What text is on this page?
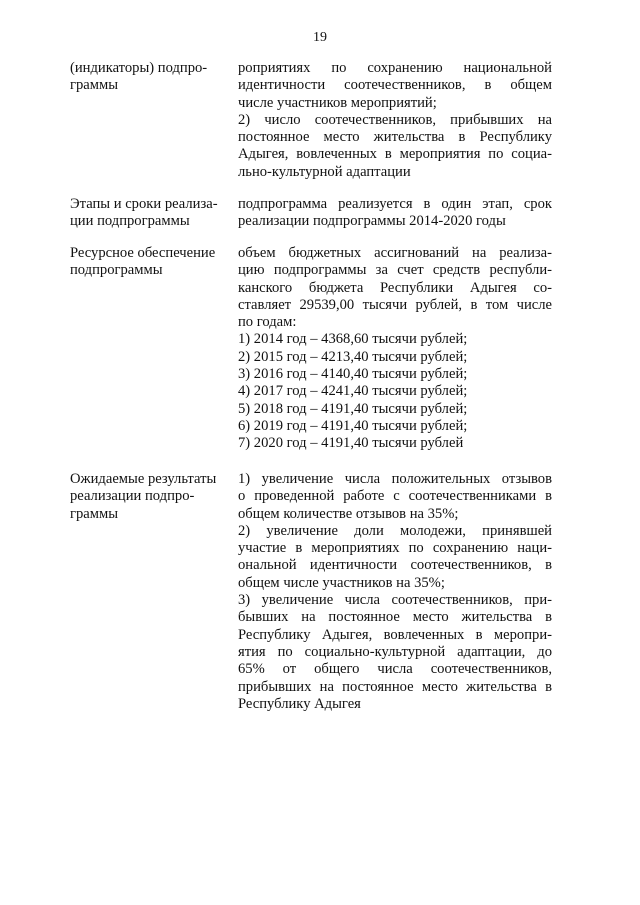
19
(индикаторы) подпро-
граммы
роприятиях по сохранению национальной
идентичности соотечественников, в общем
числе участников мероприятий;
2) число соотечественников, прибывших на
постоянное место жительства в Республику
Адыгея, вовлеченных в мероприятия по социа-
льно-культурной адаптации
Этапы и сроки реализа-
ции подпрограммы
подпрограмма реализуется в один этап, срок
реализации подпрограммы 2014-2020 годы
Ресурсное обеспечение
подпрограммы
объем бюджетных ассигнований на реализа-
цию подпрограммы за счет средств республи-
канского бюджета Республики Адыгея со-
ставляет 29539,00 тысячи рублей, в том числе
по годам:
1) 2014 год – 4368,60 тысячи рублей;
2) 2015 год – 4213,40 тысячи рублей;
3) 2016 год – 4140,40 тысячи рублей;
4) 2017 год – 4241,40 тысячи рублей;
5) 2018 год – 4191,40 тысячи рублей;
6) 2019 год – 4191,40 тысячи рублей;
7) 2020 год – 4191,40 тысячи рублей
Ожидаемые результаты
реализации подпро-
граммы
1) увеличение числа положительных отзывов
о проведенной работе с соотечественниками в
общем количестве отзывов на 35%;
2) увеличение доли молодежи, принявшей
участие в мероприятиях по сохранению наци-
ональной идентичности соотечественников, в
общем числе участников на 35%;
3) увеличение числа соотечественников, при-
бывших на постоянное место жительства в
Республику Адыгея, вовлеченных в меропри-
ятия по социально-культурной адаптации, до
65% от общего числа соотечественников,
прибывших на постоянное место жительства в
Республику Адыгея
